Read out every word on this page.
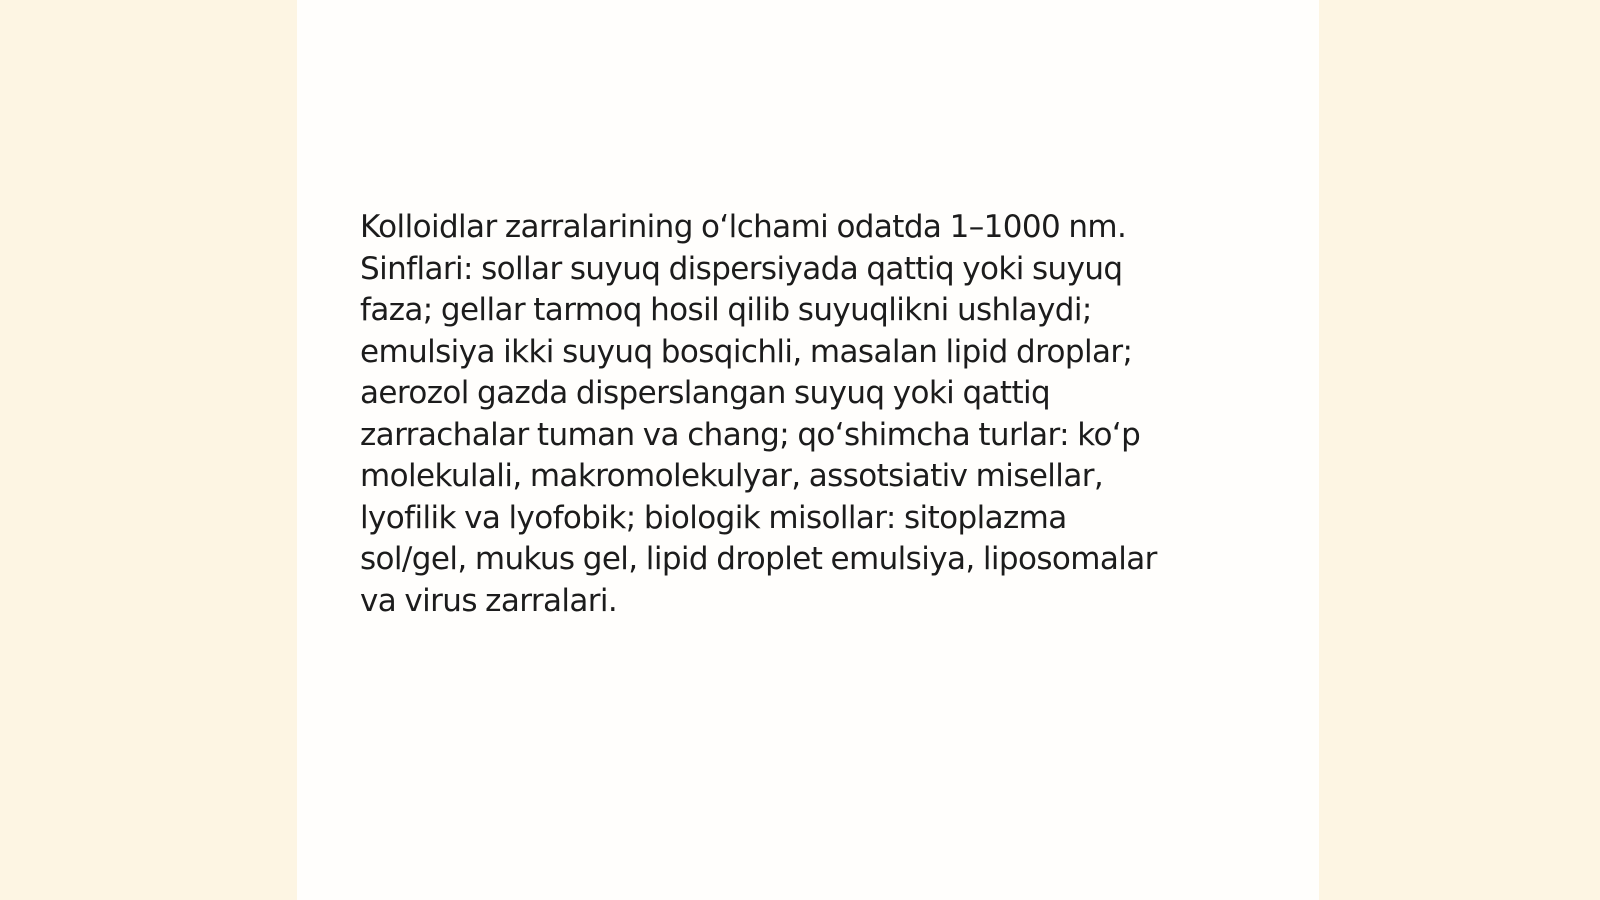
Kolloidlar zarralarining oʻlchami odatda 1–1000 nm.
Sinflari: sollar suyuq dispersiyada qattiq yoki suyuq
faza; gellar tarmoq hosil qilib suyuqlikni ushlaydi;
emulsiya ikki suyuq bosqichli, masalan lipid droplar;
aerozol gazda disperslangan suyuq yoki qattiq
zarrachalar tuman va chang; qoʻshimcha turlar: koʻp
molekulali, makromolekulyar, assotsiativ misellar,
lyofilik va lyofobik; biologik misollar: sitoplazma
sol/gel, mukus gel, lipid droplet emulsiya, liposomalar
va virus zarralari.
